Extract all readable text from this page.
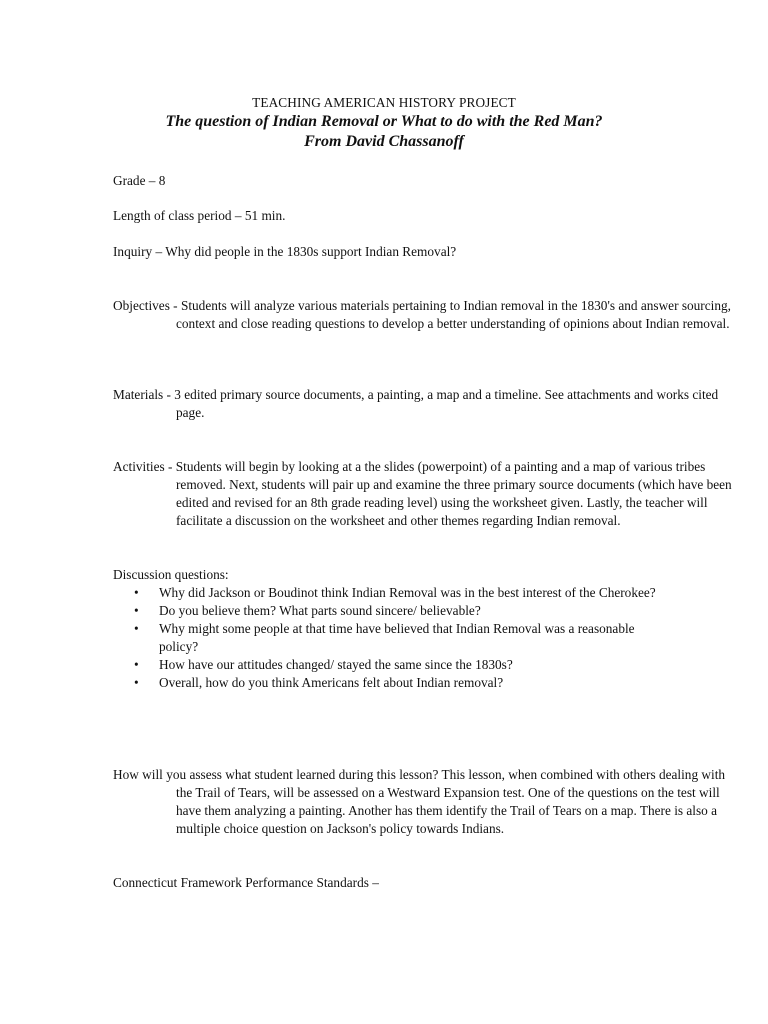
TEACHING AMERICAN HISTORY PROJECT
The question of Indian Removal or What to do with the Red Man?
From David Chassanoff
Grade – 8
Length of class period – 51 min.
Inquiry – Why did people in the 1830s support Indian Removal?
Objectives - Students will analyze various materials pertaining to Indian removal in the 1830's and answer sourcing, context and close reading questions to develop a better understanding of opinions about Indian removal.
Materials - 3 edited primary source documents, a painting, a map and a timeline. See attachments and works cited page.
Activities - Students will begin by looking at a the slides (powerpoint) of a painting and a map of various tribes removed. Next, students will pair up and examine the three primary source documents (which have been edited and revised for an 8th grade reading level) using the worksheet given. Lastly, the teacher will facilitate a discussion on the worksheet and other themes regarding Indian removal.
Discussion questions:
• Why did Jackson or Boudinot think Indian Removal was in the best interest of the Cherokee?
• Do you believe them? What parts sound sincere/ believable?
• Why might some people at that time have believed that Indian Removal was a reasonable policy?
• How have our attitudes changed/ stayed the same since the 1830s?
• Overall, how do you think Americans felt about Indian removal?
How will you assess what student learned during this lesson? This lesson, when combined with others dealing with the Trail of Tears, will be assessed on a Westward Expansion test. One of the questions on the test will have them analyzing a painting. Another has them identify the Trail of Tears on a map. There is also a multiple choice question on Jackson's policy towards Indians.
Connecticut Framework Performance Standards –
